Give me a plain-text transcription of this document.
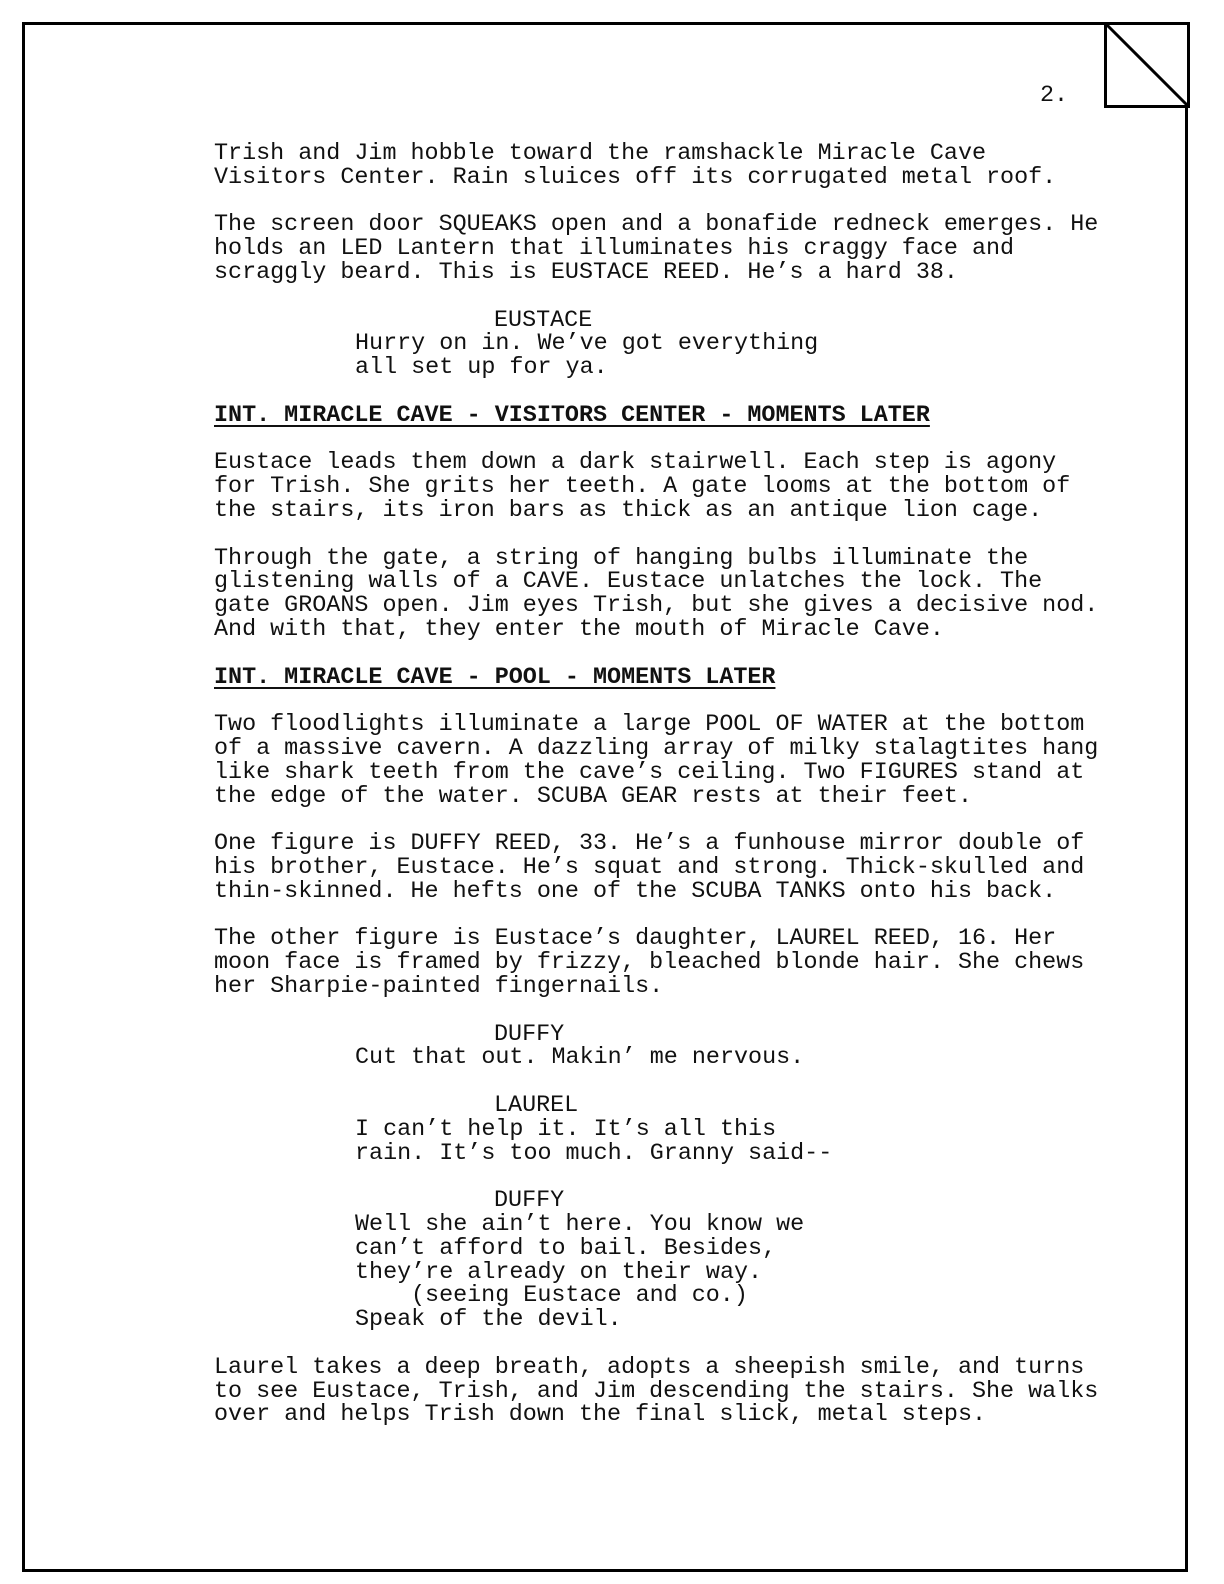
2.
Trish and Jim hobble toward the ramshackle Miracle Cave
Visitors Center. Rain sluices off its corrugated metal roof.
The screen door SQUEAKS open and a bonafide redneck emerges. He
holds an LED Lantern that illuminates his craggy face and
scraggly beard. This is EUSTACE REED. He’s a hard 38.
EUSTACE
Hurry on in. We’ve got everything
all set up for ya.
INT. MIRACLE CAVE - VISITORS CENTER - MOMENTS LATER
Eustace leads them down a dark stairwell. Each step is agony
for Trish. She grits her teeth. A gate looms at the bottom of
the stairs, its iron bars as thick as an antique lion cage.
Through the gate, a string of hanging bulbs illuminate the
glistening walls of a CAVE. Eustace unlatches the lock. The
gate GROANS open. Jim eyes Trish, but she gives a decisive nod.
And with that, they enter the mouth of Miracle Cave.
INT. MIRACLE CAVE - POOL - MOMENTS LATER
Two floodlights illuminate a large POOL OF WATER at the bottom
of a massive cavern. A dazzling array of milky stalagtites hang
like shark teeth from the cave’s ceiling. Two FIGURES stand at
the edge of the water. SCUBA GEAR rests at their feet.
One figure is DUFFY REED, 33. He’s a funhouse mirror double of
his brother, Eustace. He’s squat and strong. Thick-skulled and
thin-skinned. He hefts one of the SCUBA TANKS onto his back.
The other figure is Eustace’s daughter, LAUREL REED, 16. Her
moon face is framed by frizzy, bleached blonde hair. She chews
her Sharpie-painted fingernails.
DUFFY
Cut that out. Makin’ me nervous.
LAUREL
I can’t help it. It’s all this
rain. It’s too much. Granny said--
DUFFY
Well she ain’t here. You know we
can’t afford to bail. Besides,
they’re already on their way.
(seeing Eustace and co.)
Speak of the devil.
Laurel takes a deep breath, adopts a sheepish smile, and turns
to see Eustace, Trish, and Jim descending the stairs. She walks
over and helps Trish down the final slick, metal steps.
